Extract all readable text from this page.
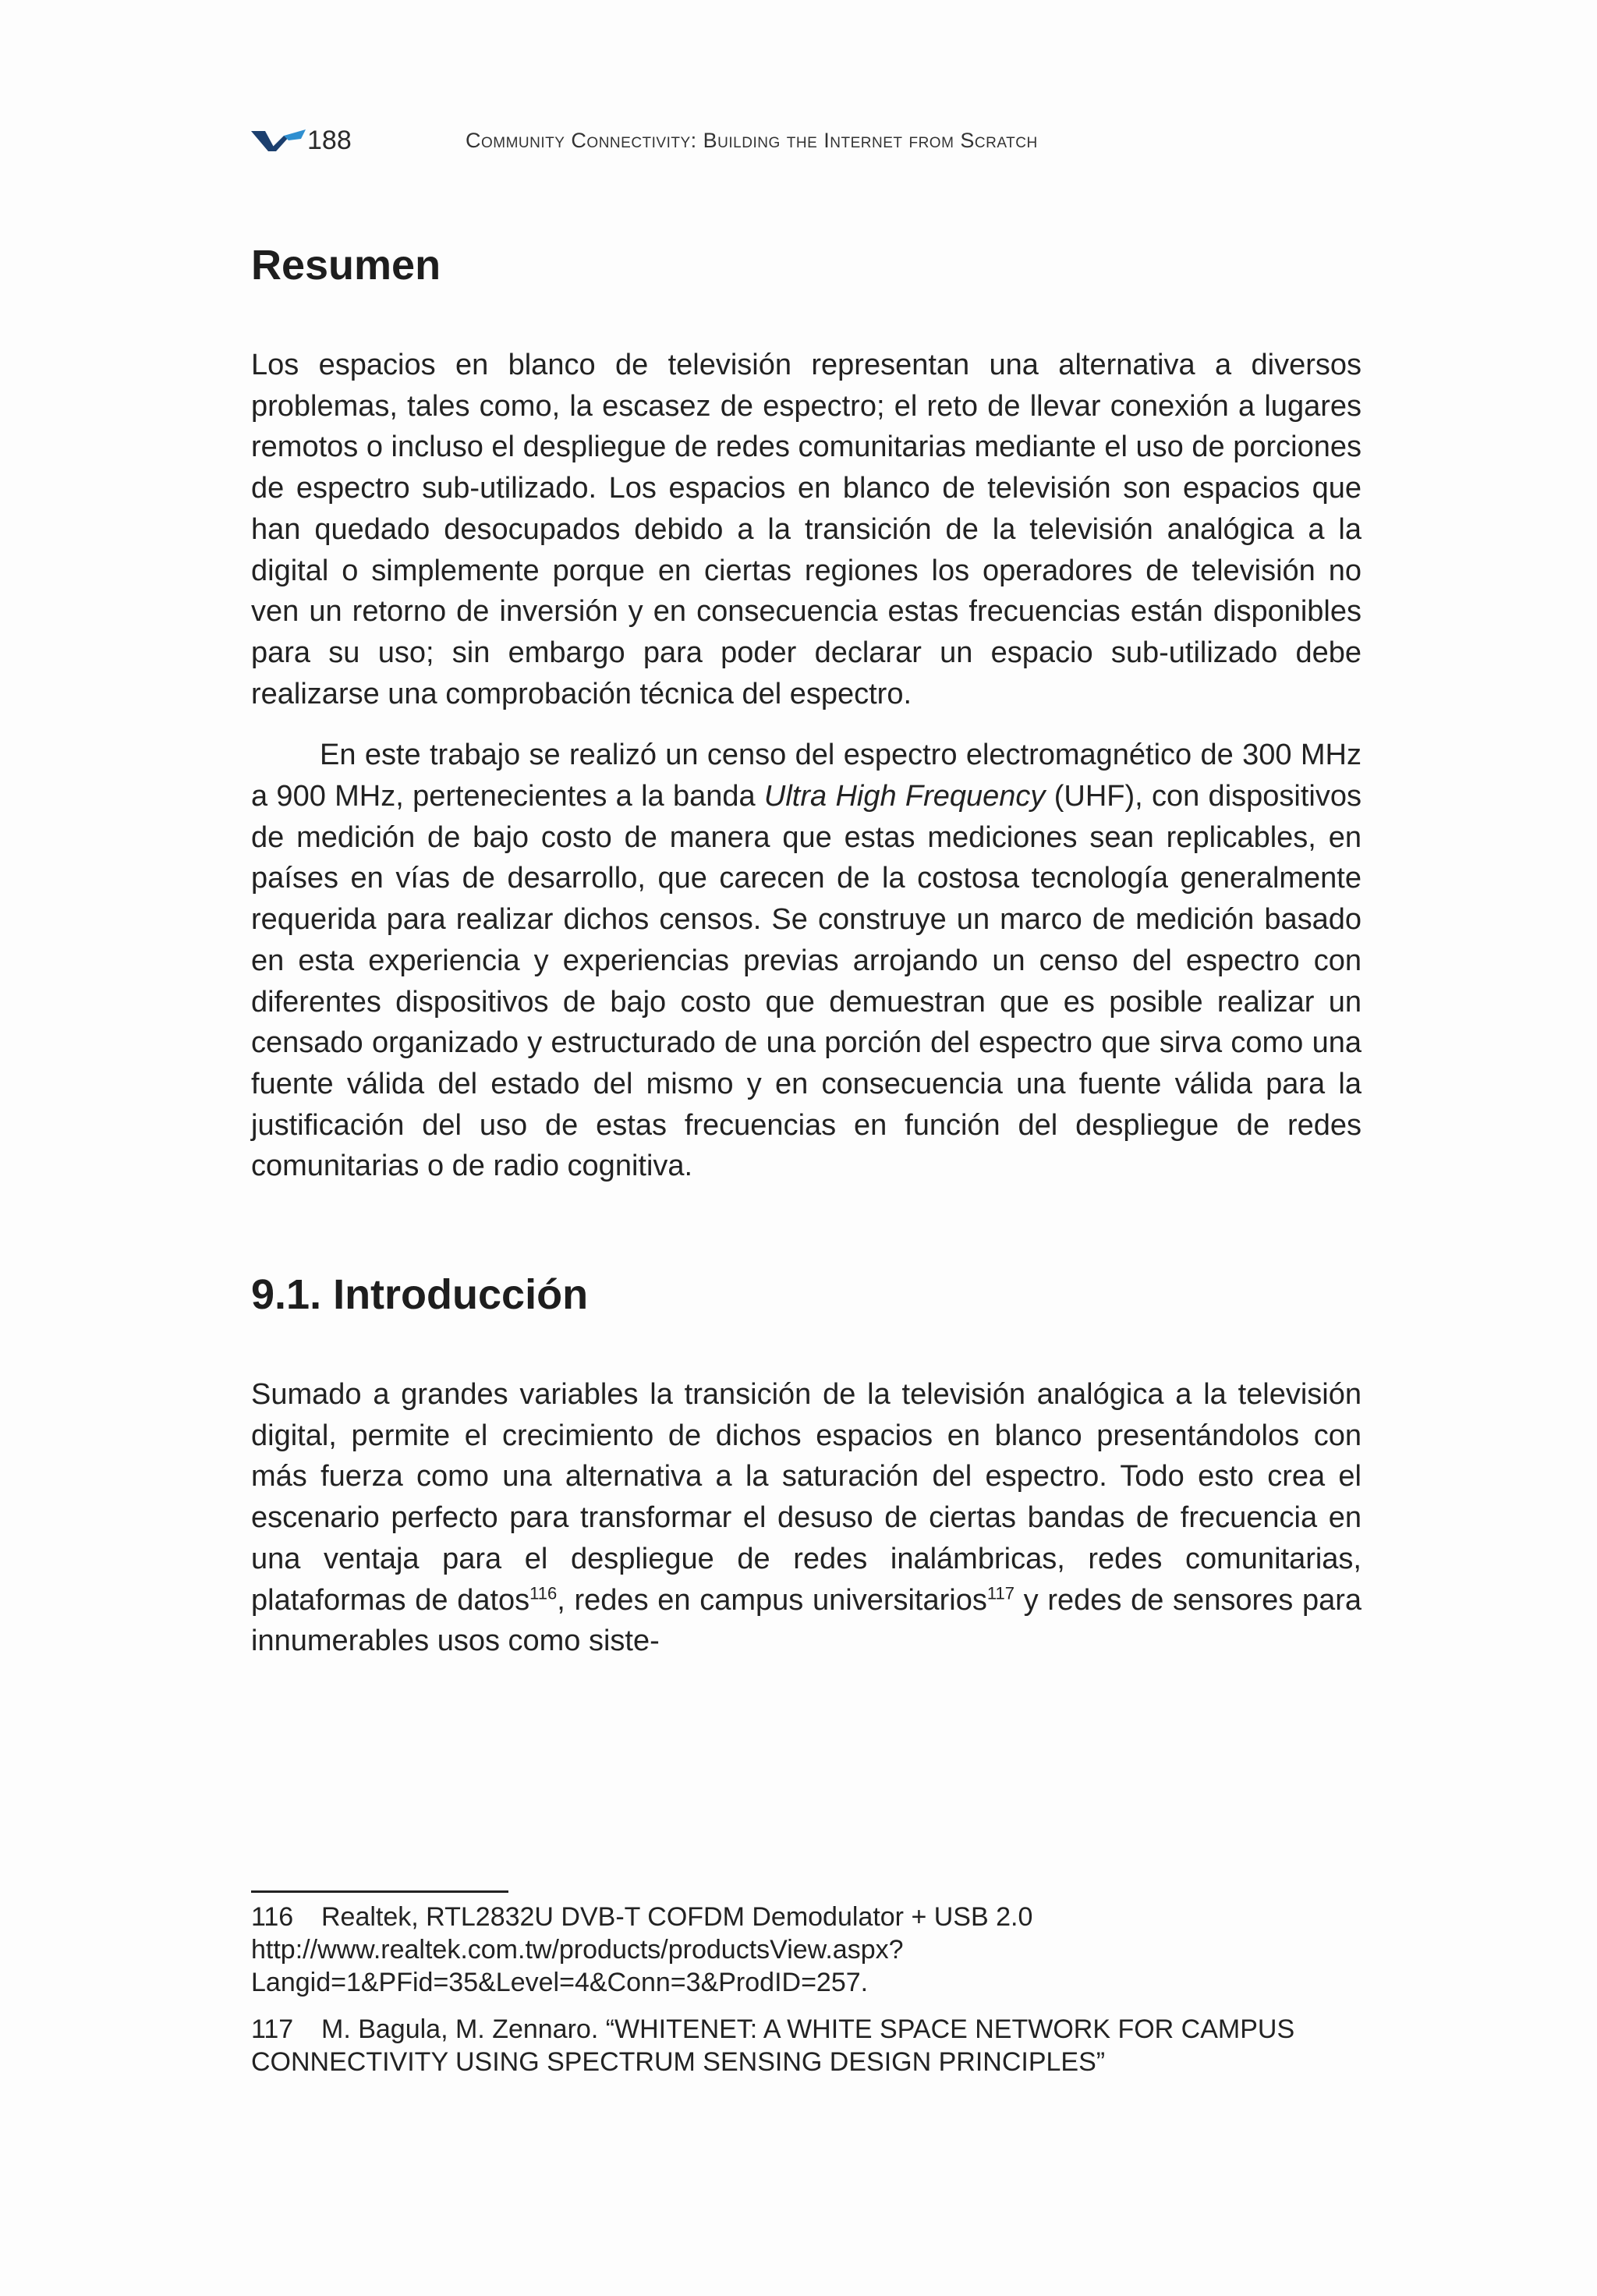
188	Community Connectivity: Building the Internet from Scratch
Resumen

Los espacios en blanco de televisión representan una alternativa a diversos problemas, tales como, la escasez de espectro; el reto de llevar conexión a lugares remotos o incluso el despliegue de redes comunitarias mediante el uso de porciones de espectro sub-utilizado. Los espacios en blanco de televisión son espacios que han quedado desocupados debido a la transición de la televisión analógica a la digital o simplemente porque en ciertas regiones los operadores de televisión no ven un retorno de inversión y en consecuencia estas frecuencias están disponibles para su uso; sin embargo para poder declarar un espacio sub-utilizado debe realizarse una comprobación técnica del espectro.

En este trabajo se realizó un censo del espectro electromagnético de 300 MHz a 900 MHz, pertenecientes a la banda Ultra High Frequency (UHF), con dispositivos de medición de bajo costo de manera que estas mediciones sean replicables, en países en vías de desarrollo, que carecen de la costosa tecnología generalmente requerida para realizar dichos censos. Se construye un marco de medición basado en esta experiencia y experiencias previas arrojando un censo del espectro con diferentes dispositivos de bajo costo que demuestran que es posible realizar un censado organizado y estructurado de una porción del espectro que sirva como una fuente válida del estado del mismo y en consecuencia una fuente válida para la justificación del uso de estas frecuencias en función del despliegue de redes comunitarias o de radio cognitiva.

9.1. Introducción

Sumado a grandes variables la transición de la televisión analógica a la televisión digital, permite el crecimiento de dichos espacios en blanco presentándolos con más fuerza como una alternativa a la saturación del espectro. Todo esto crea el escenario perfecto para transformar el desuso de ciertas bandas de frecuencia en una ventaja para el despliegue de redes inalámbricas, redes comunitarias, plataformas de datos$^{116}$, redes en campus universitarios$^{117}$ y redes de sensores para innumerables usos como siste-

116 Realtek, RTL2832U DVB-T COFDM Demodulator + USB 2.0 http://www.realtek.com.tw/products/productsView.aspx?Langid=1&PFid=35&Level=4&Conn=3&ProdID=257.
117 M. Bagula, M. Zennaro. “WHITENET: A WHITE SPACE NETWORK FOR CAMPUS CONNECTIVITY USING SPECTRUM SENSING DESIGN PRINCIPLES”
